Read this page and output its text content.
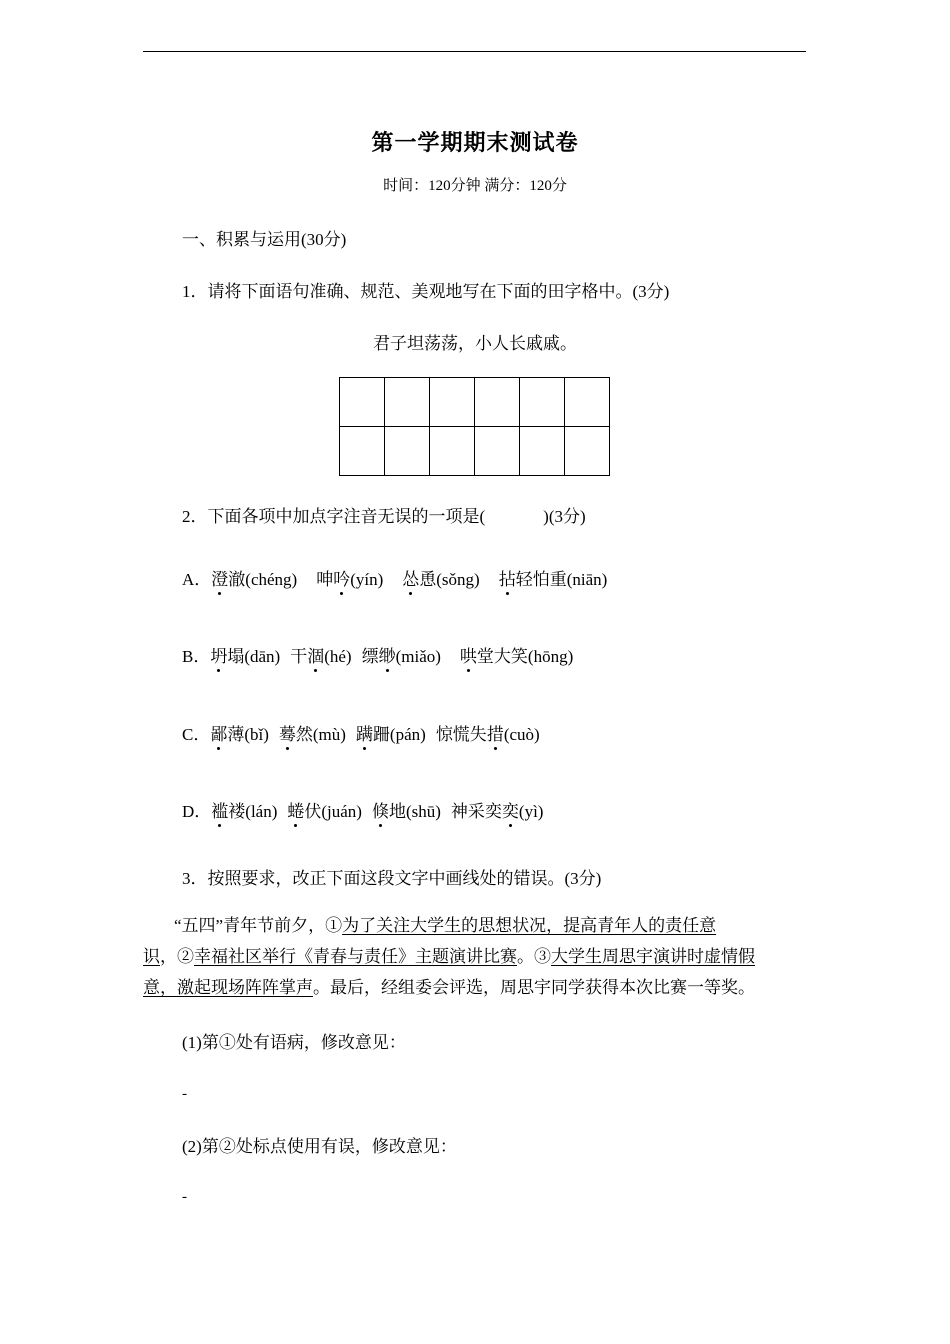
第一学期期末测试卷
时间：120分钟 满分：120分
一、积累与运用(30分)
1．请将下面语句准确、规范、美观地写在下面的田字格中。(3分)
君子坦荡荡，小人长戚戚。
2．下面各项中加点字注音无误的一项是(	)(3分)
A．澄澈(chéng) 呻吟(yín) 怂恿(sǒng) 拈轻怕重(niān)
B．坍塌(dān) 干涸(hé) 缥缈(miǎo) 哄堂大笑(hōng)
C．鄙薄(bǐ) 蓦然(mù) 蹒跚(pán) 惊慌失措(cuò)
D．褴褛(lán) 蜷伏(juán) 倏地(shū) 神采奕奕(yì)
3．按照要求，改正下面这段文字中画线处的错误。(3分)
“五四”青年节前夕，①为了关注大学生的思想状况，提高青年人的责任意
识，②幸福社区举行《青春与责任》主题演讲比赛。③大学生周思宇演讲时虚情假
意，激起现场阵阵掌声。最后，经组委会评选，周思宇同学获得本次比赛一等奖。
(1)第①处有语病，修改意见：
-
(2)第②处标点使用有误，修改意见：
-
